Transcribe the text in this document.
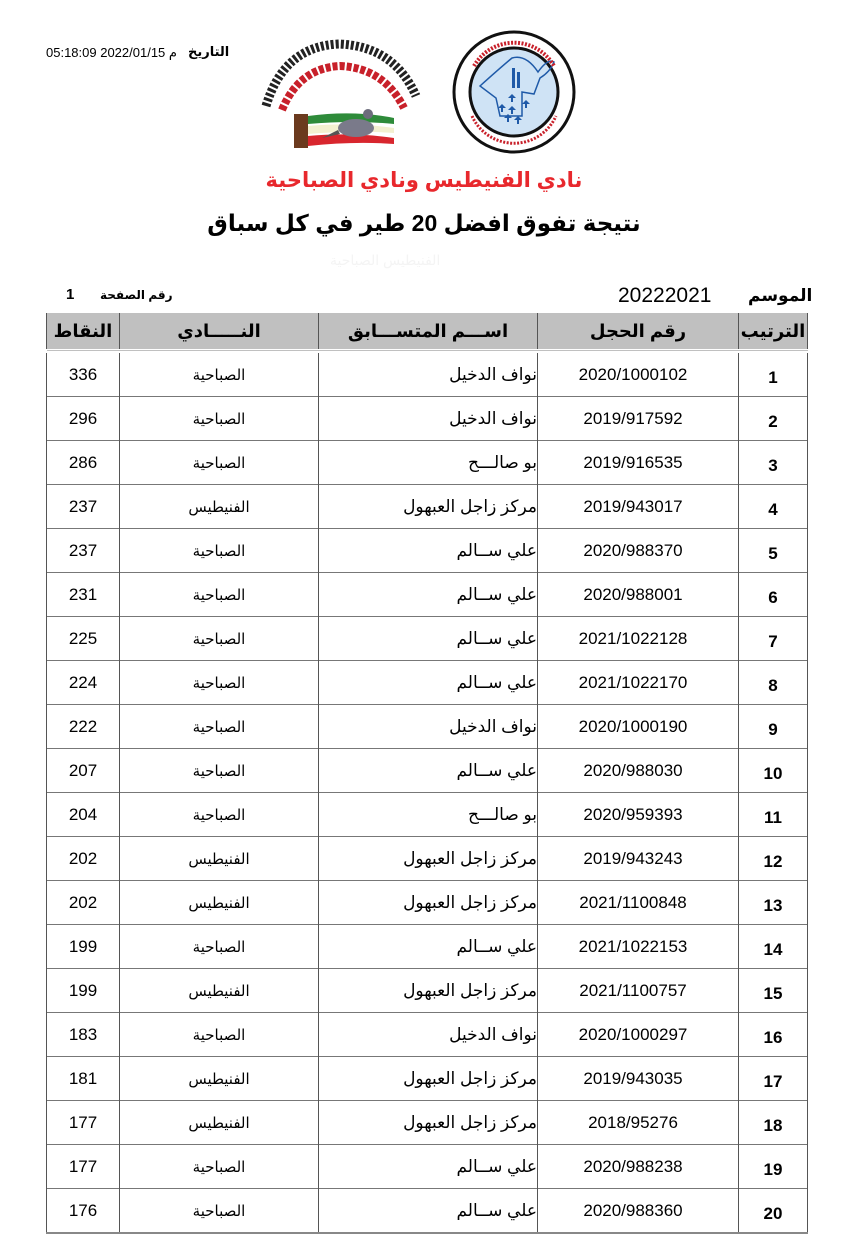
التاريخ
05:18:09 2022/01/15 م
نادي الفنيطيس ونادي الصباحية
نتيجة تفوق افضل 20 طير في كل سباق
الفنيطيس الصباحية
الموسم
20222021
رقم الصفحة
1
الترتيب	رقم الحجل	اســـم المتســـابق	النـــــادي	النقاط
1	2020/1000102	نواف الدخيل	الصباحية	336
2	2019/917592	نواف الدخيل	الصباحية	296
3	2019/916535	بو صالـــح	الصباحية	286
4	2019/943017	مركز زاجل العبهول	الفنيطيس	237
5	2020/988370	علي ســالم	الصباحية	237
6	2020/988001	علي ســالم	الصباحية	231
7	2021/1022128	علي ســالم	الصباحية	225
8	2021/1022170	علي ســالم	الصباحية	224
9	2020/1000190	نواف الدخيل	الصباحية	222
10	2020/988030	علي ســالم	الصباحية	207
11	2020/959393	بو صالـــح	الصباحية	204
12	2019/943243	مركز زاجل العبهول	الفنيطيس	202
13	2021/1100848	مركز زاجل العبهول	الفنيطيس	202
14	2021/1022153	علي ســالم	الصباحية	199
15	2021/1100757	مركز زاجل العبهول	الفنيطيس	199
16	2020/1000297	نواف الدخيل	الصباحية	183
17	2019/943035	مركز زاجل العبهول	الفنيطيس	181
18	2018/95276	مركز زاجل العبهول	الفنيطيس	177
19	2020/988238	علي ســالم	الصباحية	177
20	2020/988360	علي ســالم	الصباحية	176
